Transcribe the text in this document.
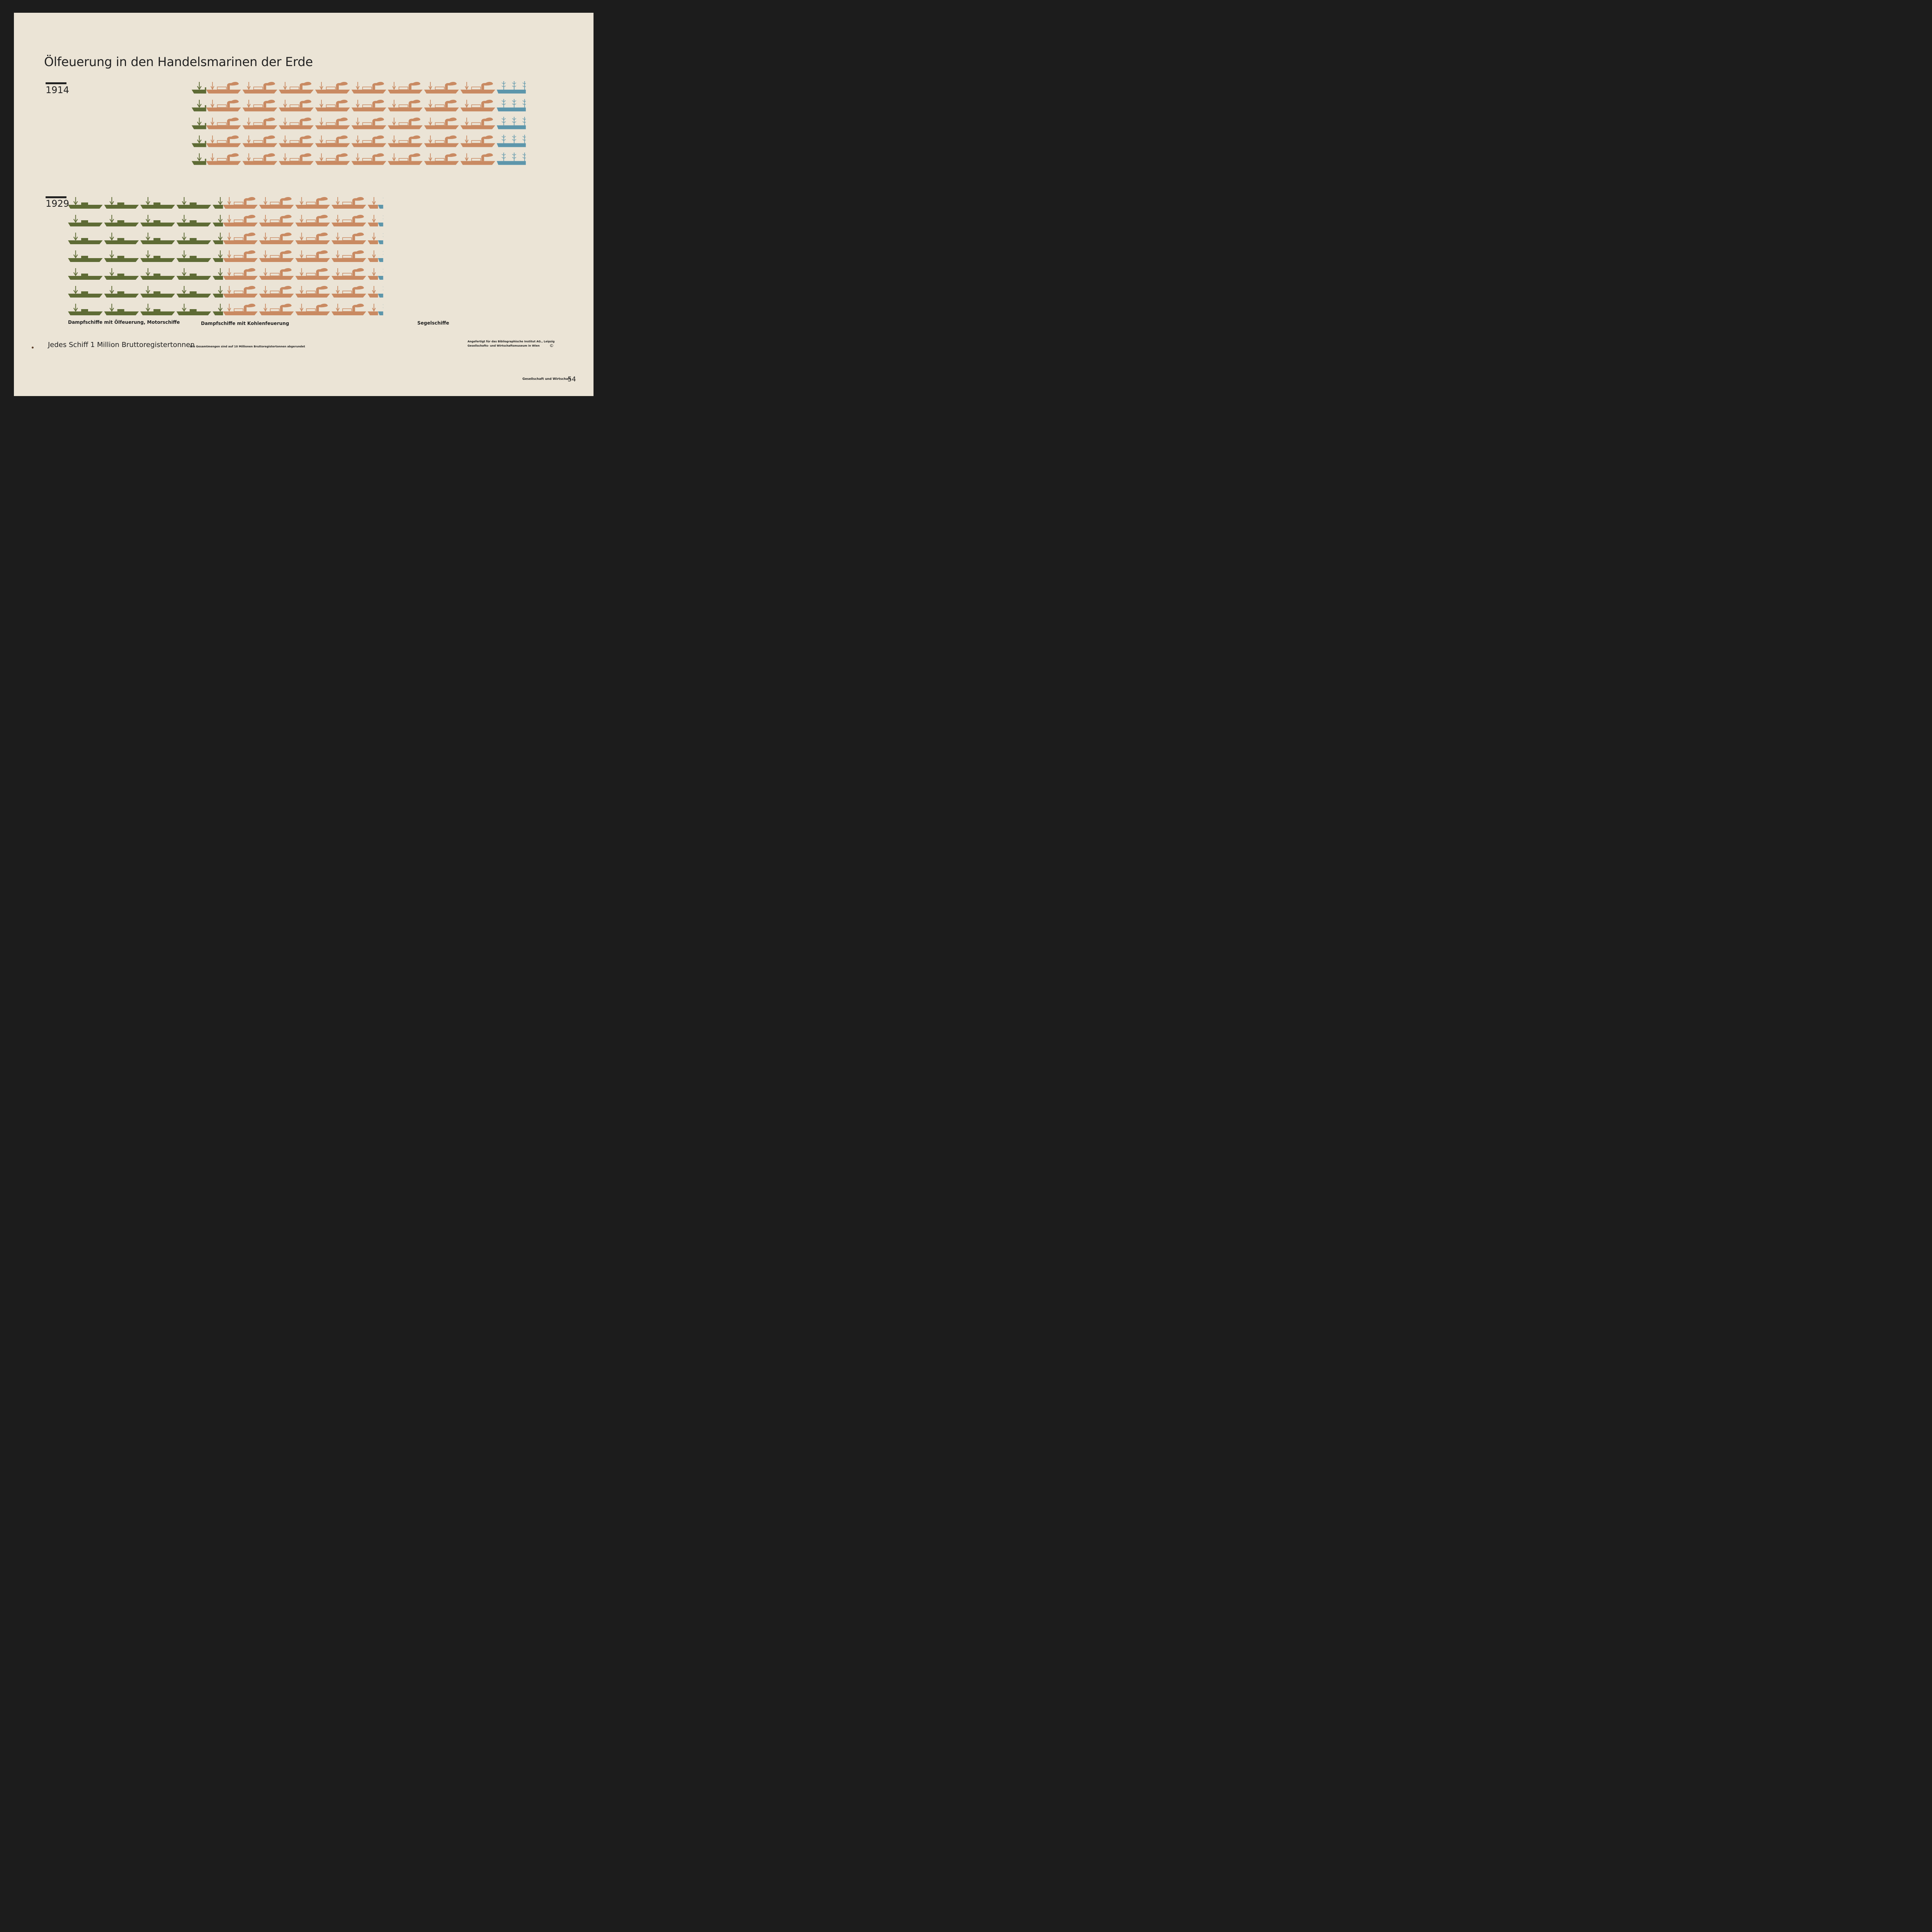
Ölfeuerung in den Handelsmarinen der Erde
1914
1929
Dampfschiffe mit Ölfeuerung, Motorschiffe	Dampfschiffe mit Kohlenfeuerung	Segelschiffe
Jedes Schiff 1 Million Bruttoregistertonnen
Die Gesamtmengen sind auf 10 Millionen Bruttoregistertonnen abgerundet
Angefertigt für das Bibliographische Institut AG., Leipzig
Gesellschafts- und Wirtschaftsmuseum in Wien	©
Gesellschaft und Wirtschaft
54
